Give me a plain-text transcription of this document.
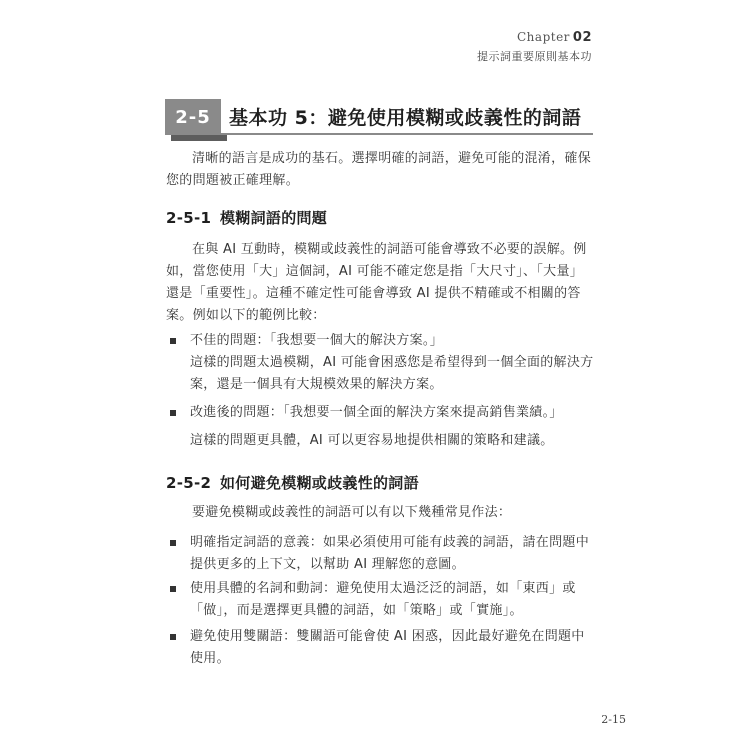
Chapter 02
提示詞重要原則基本功
2-5 基本功 5：避免使用模糊或歧義性的詞語
清晰的語言是成功的基石。選擇明確的詞語，避免可能的混淆，確保您的問題被正確理解。
2-5-1 模糊詞語的問題
在與 AI 互動時，模糊或歧義性的詞語可能會導致不必要的誤解。例如，當您使用「大」這個詞，AI 可能不確定您是指「大尺寸」、「大量」還是「重要性」。這種不確定性可能會導致 AI 提供不精確或不相關的答案。例如以下的範例比較：
不佳的問題：「我想要一個大的解決方案。」
這樣的問題太過模糊，AI 可能會困惑您是希望得到一個全面的解決方案，還是一個具有大規模效果的解決方案。
改進後的問題：「我想要一個全面的解決方案來提高銷售業績。」
這樣的問題更具體，AI 可以更容易地提供相關的策略和建議。
2-5-2 如何避免模糊或歧義性的詞語
要避免模糊或歧義性的詞語可以有以下幾種常見作法：
明確指定詞語的意義：如果必須使用可能有歧義的詞語，請在問題中提供更多的上下文，以幫助 AI 理解您的意圖。
使用具體的名詞和動詞：避免使用太過泛泛的詞語，如「東西」或「做」，而是選擇更具體的詞語，如「策略」或「實施」。
避免使用雙關語：雙關語可能會使 AI 困惑，因此最好避免在問題中使用。
2-15
